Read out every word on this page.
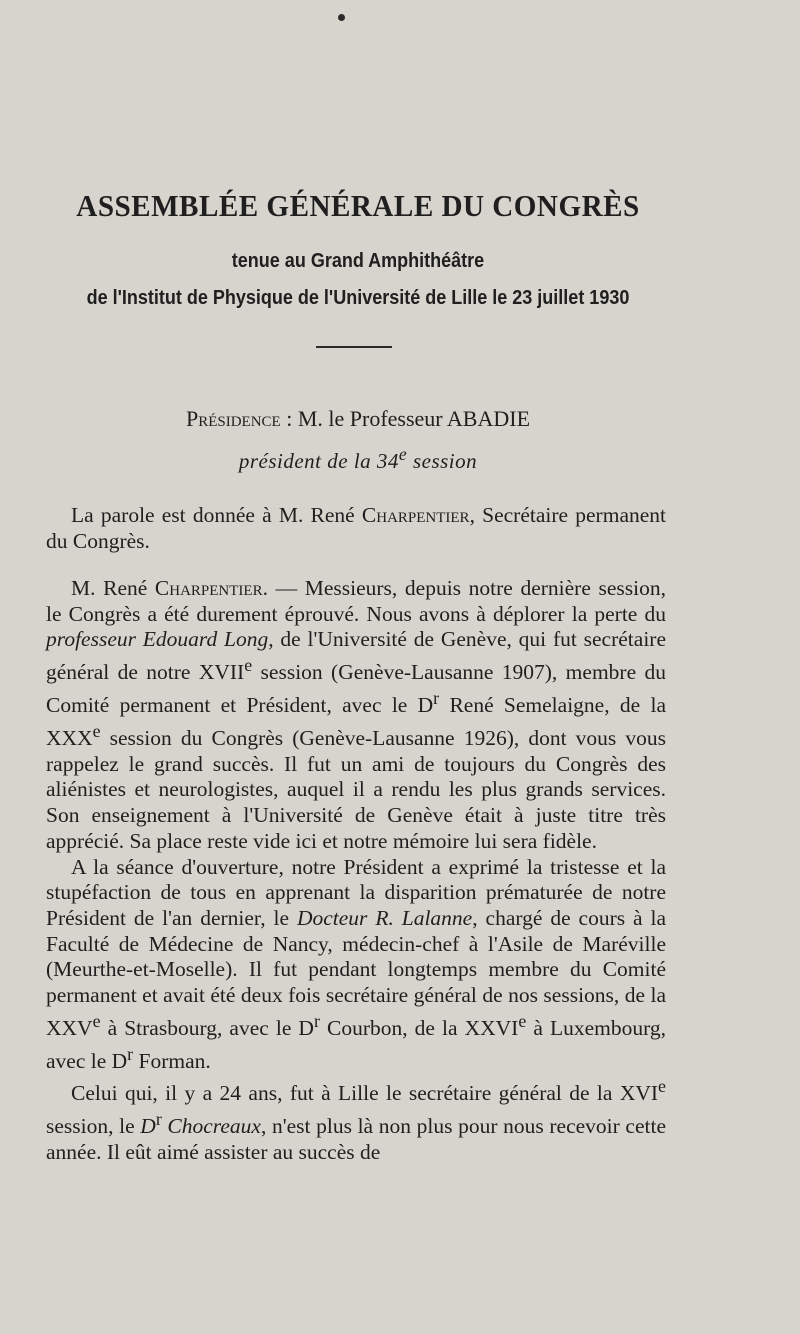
ASSEMBLÉE GÉNÉRALE DU CONGRÈS
tenue au Grand Amphithéâtre
de l'Institut de Physique de l'Université de Lille le 23 juillet 1930
Présidence : M. le Professeur ABADIE
président de la 34e session

La parole est donnée à M. René Charpentier, Secrétaire permanent du Congrès.

M. René Charpentier. — Messieurs, depuis notre dernière session, le Congrès a été durement éprouvé. Nous avons à déplorer la perte du professeur Edouard Long, de l'Université de Genève, qui fut secrétaire général de notre XVIIe session (Genève-Lausanne 1907), membre du Comité permanent et Président, avec le $D^r$ René Semelaigne, de la XXXe session du Congrès (Genève-Lausanne 1926), dont vous vous rappelez le grand succès. Il fut un ami de toujours du Congrès des aliénistes et neurologistes, auquel il a rendu les plus grands services. Son enseignement à l'Université de Genève était à juste titre très apprécié. Sa place reste vide ici et notre mémoire lui sera fidèle.

A la séance d'ouverture, notre Président a exprimé la tristesse et la stupéfaction de tous en apprenant la disparition prématurée de notre Président de l'an dernier, le Docteur R. Lalanne, chargé de cours à la Faculté de Médecine de Nancy, médecin-chef à l'Asile de Maréville (Meurthe-et-Moselle). Il fut pendant longtemps membre du Comité permanent et avait été deux fois secrétaire général de nos sessions, de la XXVe à Strasbourg, avec le $D^r$ Courbon, de la XXVIe à Luxembourg, avec le $D^r$ Forman.

Celui qui, il y a 24 ans, fut à Lille le secrétaire général de la XVIe session, le $D^r$ Chocreaux, n'est plus là non plus pour nous recevoir cette année. Il eût aimé assister au succès de
